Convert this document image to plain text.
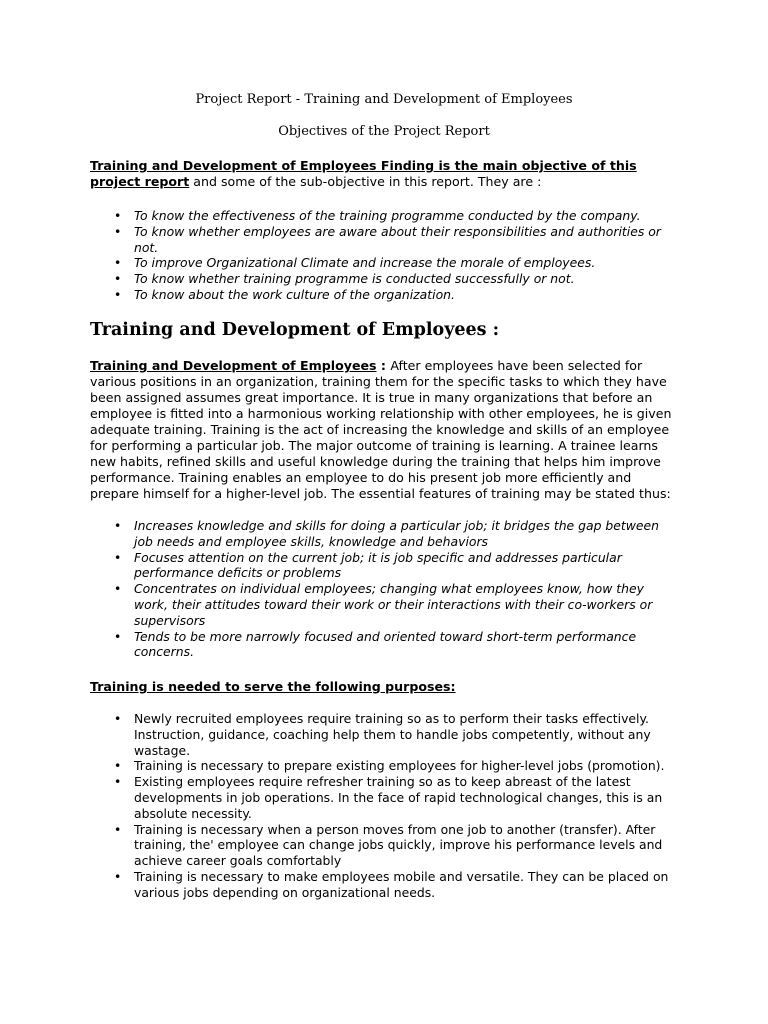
Project Report - Training and Development of Employees
Objectives of the Project Report
Training and Development of Employees Finding is the main objective of this project report and some of the sub-objective in this report. They are :
• To know the effectiveness of the training programme conducted by the company.
• To know whether employees are aware about their responsibilities and authorities or not.
• To improve Organizational Climate and increase the morale of employees.
• To know whether training programme is conducted successfully or not.
• To know about the work culture of the organization.
Training and Development of Employees :
Training and Development of Employees : After employees have been selected for various positions in an organization, training them for the specific tasks to which they have been assigned assumes great importance. It is true in many organizations that before an employee is fitted into a harmonious working relationship with other employees, he is given adequate training. Training is the act of increasing the knowledge and skills of an employee for performing a particular job. The major outcome of training is learning. A trainee learns new habits, refined skills and useful knowledge during the training that helps him improve performance. Training enables an employee to do his present job more efficiently and prepare himself for a higher-level job. The essential features of training may be stated thus:
• Increases knowledge and skills for doing a particular job; it bridges the gap between job needs and employee skills, knowledge and behaviors
• Focuses attention on the current job; it is job specific and addresses particular performance deficits or problems
• Concentrates on individual employees; changing what employees know, how they work, their attitudes toward their work or their interactions with their co-workers or supervisors
• Tends to be more narrowly focused and oriented toward short-term performance concerns.
Training is needed to serve the following purposes:
• Newly recruited employees require training so as to perform their tasks effectively. Instruction, guidance, coaching help them to handle jobs competently, without any wastage.
• Training is necessary to prepare existing employees for higher-level jobs (promotion).
• Existing employees require refresher training so as to keep abreast of the latest developments in job operations. In the face of rapid technological changes, this is an absolute necessity.
• Training is necessary when a person moves from one job to another (transfer). After training, the' employee can change jobs quickly, improve his performance levels and achieve career goals comfortably
• Training is necessary to make employees mobile and versatile. They can be placed on various jobs depending on organizational needs.
